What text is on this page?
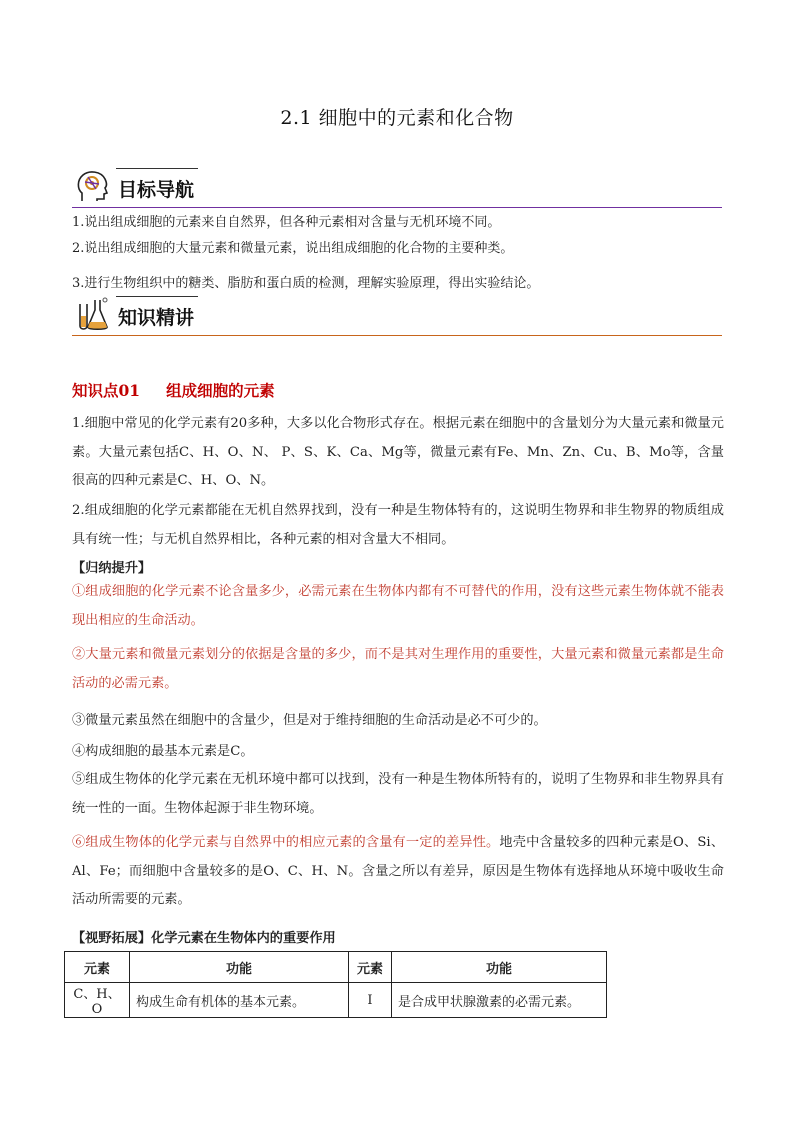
2.1 细胞中的元素和化合物
目标导航
1.说出组成细胞的元素来自自然界，但各种元素相对含量与无机环境不同。
2.说出组成细胞的大量元素和微量元素，说出组成细胞的化合物的主要种类。
3.进行生物组织中的糖类、脂肪和蛋白质的检测，理解实验原理，得出实验结论。
知识精讲
知识点01 组成细胞的元素
1.细胞中常见的化学元素有20多种，大多以化合物形式存在。根据元素在细胞中的含量划分为大量元素和微量元素。大量元素包括C、H、O、N、 P、S、K、Ca、Mg等，微量元素有Fe、Mn、Zn、Cu、B、Mo等，含量很高的四种元素是C、H、O、N。
2.组成细胞的化学元素都能在无机自然界找到，没有一种是生物体特有的，这说明生物界和非生物界的物质组成具有统一性；与无机自然界相比，各种元素的相对含量大不相同。
【归纳提升】
①组成细胞的化学元素不论含量多少，必需元素在生物体内都有不可替代的作用，没有这些元素生物体就不能表现出相应的生命活动。
②大量元素和微量元素划分的依据是含量的多少，而不是其对生理作用的重要性，大量元素和微量元素都是生命活动的必需元素。
③微量元素虽然在细胞中的含量少，但是对于维持细胞的生命活动是必不可少的。
④构成细胞的最基本元素是C。
⑤组成生物体的化学元素在无机环境中都可以找到，没有一种是生物体所特有的，说明了生物界和非生物界具有统一性的一面。生物体起源于非生物环境。
⑥组成生物体的化学元素与自然界中的相应元素的含量有一定的差异性。地壳中含量较多的四种元素是O、Si、Al、Fe；而细胞中含量较多的是O、C、H、N。含量之所以有差异，原因是生物体有选择地从环境中吸收生命活动所需要的元素。
【视野拓展】化学元素在生物体内的重要作用
元素	功能	元素	功能
C、H、O	构成生命有机体的基本元素。	I	是合成甲状腺激素的必需元素。
